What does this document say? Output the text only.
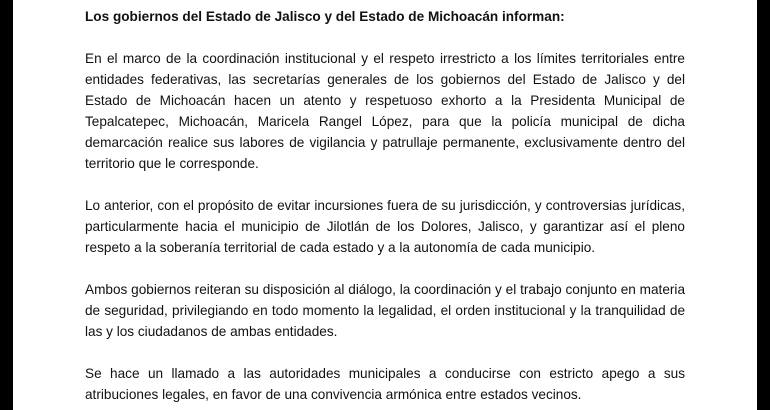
Los gobiernos del Estado de Jalisco y del Estado de Michoacán informan:

En el marco de la coordinación institucional y el respeto irrestricto a los límites territoriales entre entidades federativas, las secretarías generales de los gobiernos del Estado de Jalisco y del Estado de Michoacán hacen un atento y respetuoso exhorto a la Presidenta Municipal de Tepalcatepec, Michoacán, Maricela Rangel López, para que la policía municipal de dicha demarcación realice sus labores de vigilancia y patrullaje permanente, exclusivamente dentro del territorio que le corresponde.

Lo anterior, con el propósito de evitar incursiones fuera de su jurisdicción, y controversias jurídicas, particularmente hacia el municipio de Jilotlán de los Dolores, Jalisco, y garantizar así el pleno respeto a la soberanía territorial de cada estado y a la autonomía de cada municipio.

Ambos gobiernos reiteran su disposición al diálogo, la coordinación y el trabajo conjunto en materia de seguridad, privilegiando en todo momento la legalidad, el orden institucional y la tranquilidad de las y los ciudadanos de ambas entidades.

Se hace un llamado a las autoridades municipales a conducirse con estricto apego a sus atribuciones legales, en favor de una convivencia armónica entre estados vecinos.
